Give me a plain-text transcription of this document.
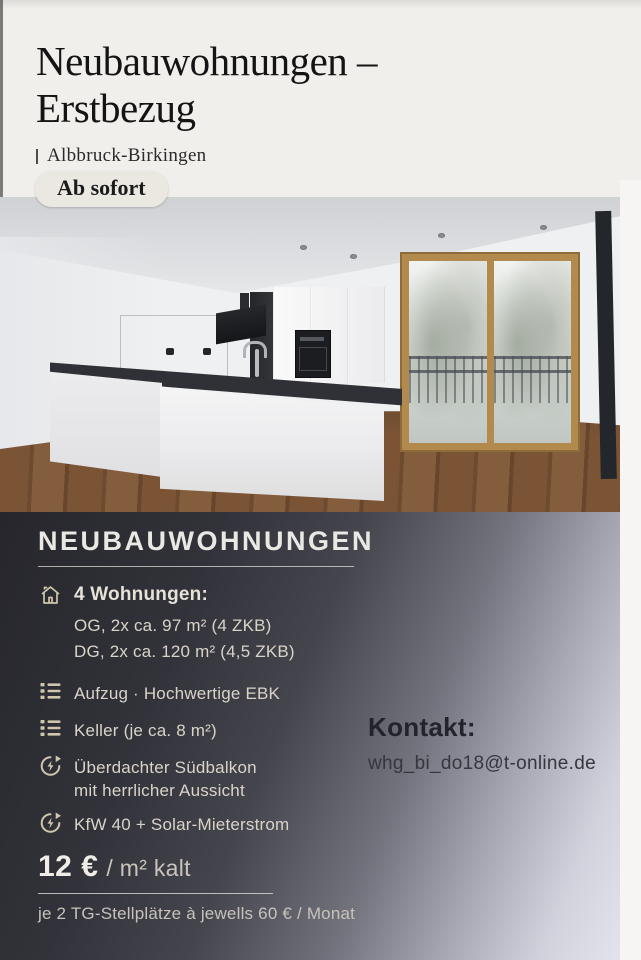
Neubauwohnungen –
Erstbezug
Albbruck-Birkingen
Ab sofort
NEUBAUWOHNUNGEN
4 Wohnungen:
OG, 2x ca. 97 m² (4 ZKB)
DG, 2x ca. 120 m² (4,5 ZKB)
Aufzug · Hochwertige EBK
Keller (je ca. 8 m²)
Überdachter Südbalkon
mit herrlicher Aussicht
KfW 40 + Solar-Mieterstrom
12 € / m² kalt
je 2 TG-Stellplätze à jewells 60 € / Monat
Kontakt:
whg_bi_do18@t-online.de
